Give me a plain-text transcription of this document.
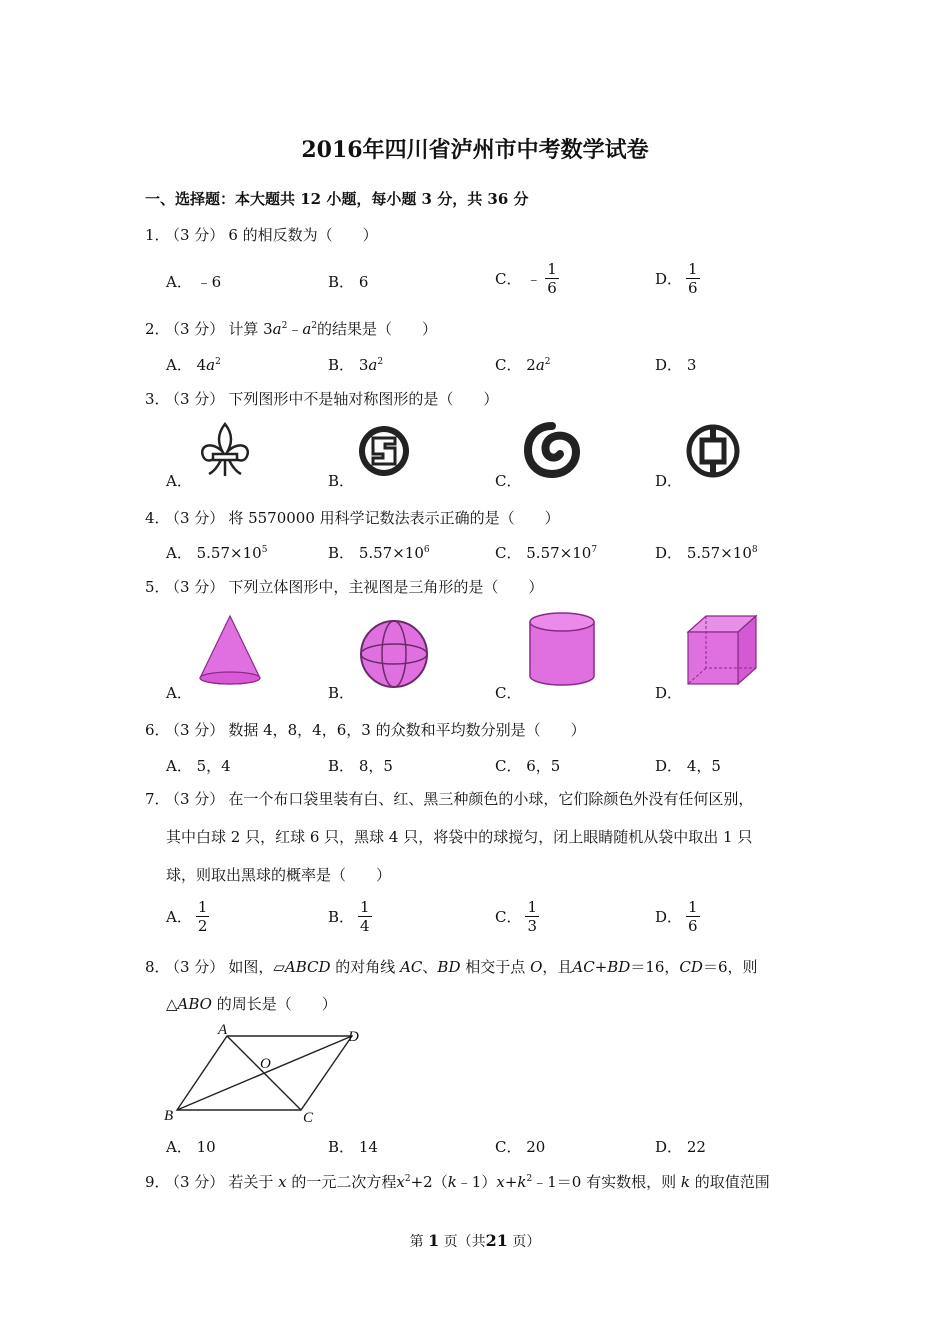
2016年四川省泸州市中考数学试卷
一、选择题：本大题共 12 小题，每小题 3 分，共 36 分
1．（3 分） 6 的相反数为（　　）
A． ﹣6	B． 6	C． ﹣ $\frac{1}{6}$	D． $\frac{1}{6}$
2．（3 分） 计算 $3a^2﹣a^2$的结果是（　　）
A． $4a^2$	B． $3a^2$	C． $2a^2$	D． 3
3．（3 分） 下列图形中不是轴对称图形的是（　　）
A．	B．	C．	D．
4．（3 分） 将 5570000 用科学记数法表示正确的是（　　）
A． $5.57\times 10^5$	B． $5.57\times 10^6$	C． $5.57\times 10^7$	D． $5.57\times 10^8$
5．（3 分） 下列立体图形中，主视图是三角形的是（　　）
A．	B．	C．	D．
6．（3 分） 数据 4，8，4，6，3 的众数和平均数分别是（　　）
A． 5，4	B． 8，5	C． 6，5	D． 4，5
7．（3 分） 在一个布口袋里装有白、红、黑三种颜色的小球，它们除颜色外没有任何区别，
其中白球 2 只，红球 6 只，黑球 4 只，将袋中的球搅匀，闭上眼睛随机从袋中取出 1 只
球，则取出黑球的概率是（　　）
A． $\frac{1}{2}$	B． $\frac{1}{4}$	C． $\frac{1}{3}$	D． $\frac{1}{6}$
8．（3 分） 如图，▱ABCD 的对角线 AC、BD 相交于点 O，且AC+BD＝16，CD＝6，则
△ABO 的周长是（　　）
A	D
O
B	C
A． 10	B． 14	C． 20	D． 22
9．（3 分） 若关于 x 的一元二次方程$x^2+2(k﹣1)x+k^2﹣1=0$ 有实数根，则 k 的取值范围
第 1 页（共21 页）
